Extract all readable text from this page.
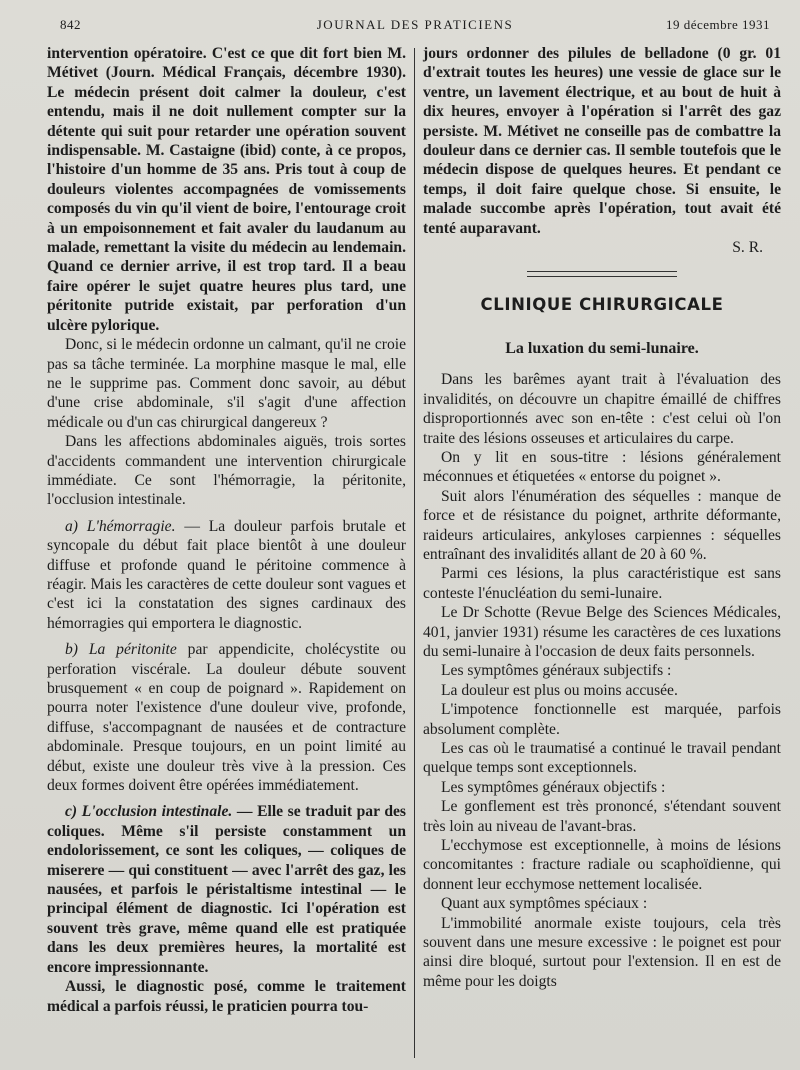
842	JOURNAL DES PRATICIENS	19 décembre 1931

intervention opératoire. C'est ce que dit fort bien M. Métivet (Journ. Médical Français, décembre 1930). Le médecin présent doit calmer la douleur, c'est entendu, mais il ne doit nullement compter sur la détente qui suit pour retarder une opération souvent indispensable. M. Castaigne (ibid) conte, à ce propos, l'histoire d'un homme de 35 ans. Pris tout à coup de douleurs violentes accompagnées de vomissements composés du vin qu'il vient de boire, l'entourage croit à un empoisonnement et fait avaler du laudanum au malade, remettant la visite du médecin au lendemain. Quand ce dernier arrive, il est trop tard. Il a beau faire opérer le sujet quatre heures plus tard, une péritonite putride existait, par perforation d'un ulcère pylorique.

Donc, si le médecin ordonne un calmant, qu'il ne croie pas sa tâche terminée. La morphine masque le mal, elle ne le supprime pas. Comment donc savoir, au début d'une crise abdominale, s'il s'agit d'une affection médicale ou d'un cas chirurgical dangereux ?

Dans les affections abdominales aiguës, trois sortes d'accidents commandent une intervention chirurgicale immédiate. Ce sont l'hémorragie, la péritonite, l'occlusion intestinale.

a) L'hémorragie. — La douleur parfois brutale et syncopale du début fait place bientôt à une douleur diffuse et profonde quand le péritoine commence à réagir. Mais les caractères de cette douleur sont vagues et c'est ici la constatation des signes cardinaux des hémorragies qui emportera le diagnostic.

b) La péritonite par appendicite, cholécystite ou perforation viscérale. La douleur débute souvent brusquement « en coup de poignard ». Rapidement on pourra noter l'existence d'une douleur vive, profonde, diffuse, s'accompagnant de nausées et de contracture abdominale. Presque toujours, en un point limité au début, existe une douleur très vive à la pression. Ces deux formes doivent être opérées immédiatement.

c) L'occlusion intestinale. — Elle se traduit par des coliques. Même s'il persiste constamment un endolorissement, ce sont les coliques, — coliques de miserere — qui constituent — avec l'arrêt des gaz, les nausées, et parfois le péristaltisme intestinal — le principal élément de diagnostic. Ici l'opération est souvent très grave, même quand elle est pratiquée dans les deux premières heures, la mortalité est encore impressionnante.

Aussi, le diagnostic posé, comme le traitement médical a parfois réussi, le praticien pourra tou-

jours ordonner des pilules de belladone (0 gr. 01 d'extrait toutes les heures) une vessie de glace sur le ventre, un lavement électrique, et au bout de huit à dix heures, envoyer à l'opération si l'arrêt des gaz persiste. M. Métivet ne conseille pas de combattre la douleur dans ce dernier cas. Il semble toutefois que le médecin dispose de quelques heures. Et pendant ce temps, il doit faire quelque chose. Si ensuite, le malade succombe après l'opération, tout avait été tenté auparavant.

S. R.

CLINIQUE CHIRURGICALE
La luxation du semi-lunaire.

Dans les barêmes ayant trait à l'évaluation des invalidités, on découvre un chapitre émaillé de chiffres disproportionnés avec son en-tête : c'est celui où l'on traite des lésions osseuses et articulaires du carpe.

On y lit en sous-titre : lésions généralement méconnues et étiquetées « entorse du poignet ».

Suit alors l'énumération des séquelles : manque de force et de résistance du poignet, arthrite déformante, raideurs articulaires, ankyloses carpiennes : séquelles entraînant des invalidités allant de 20 à 60 %.

Parmi ces lésions, la plus caractéristique est sans conteste l'énucléation du semi-lunaire.

Le Dr Schotte (Revue Belge des Sciences Médicales, 401, janvier 1931) résume les caractères de ces luxations du semi-lunaire à l'occasion de deux faits personnels.

Les symptômes généraux subjectifs :

La douleur est plus ou moins accusée.

L'impotence fonctionnelle est marquée, parfois absolument complète.

Les cas où le traumatisé a continué le travail pendant quelque temps sont exceptionnels.

Les symptômes généraux objectifs :

Le gonflement est très prononcé, s'étendant souvent très loin au niveau de l'avant-bras.

L'ecchymose est exceptionnelle, à moins de lésions concomitantes : fracture radiale ou scaphoïdienne, qui donnent leur ecchymose nettement localisée.

Quant aux symptômes spéciaux :

L'immobilité anormale existe toujours, cela très souvent dans une mesure excessive : le poignet est pour ainsi dire bloqué, surtout pour l'extension. Il en est de même pour les doigts
